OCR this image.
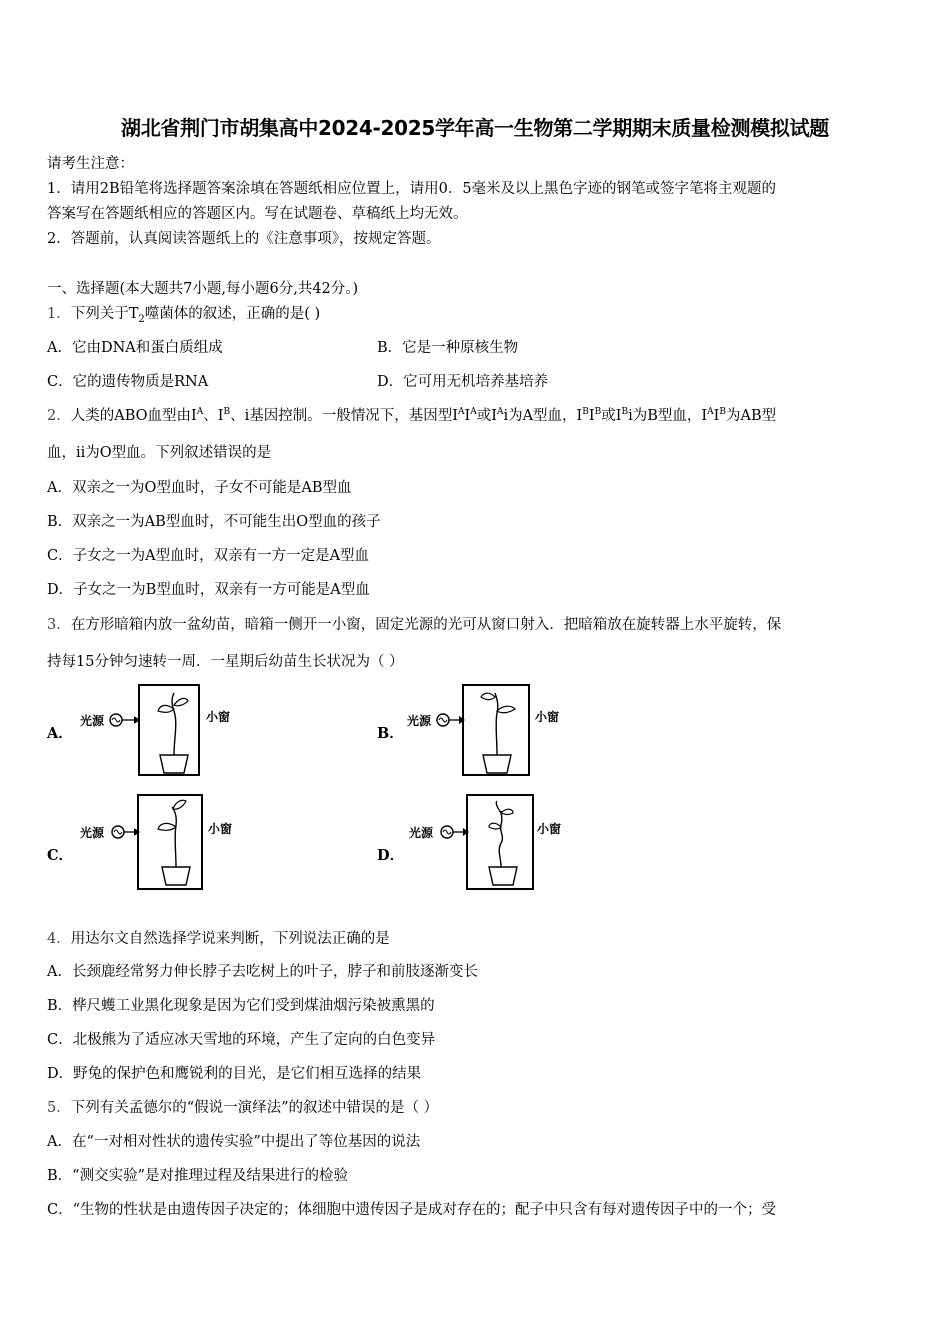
湖北省荆门市胡集高中2024-2025学年高一生物第二学期期末质量检测模拟试题
请考生注意：
1．请用2B铅笔将选择题答案涂填在答题纸相应位置上，请用0．5毫米及以上黑色字迹的钢笔或签字笔将主观题的
答案写在答题纸相应的答题区内。写在试题卷、草稿纸上均无效。
2．答题前，认真阅读答题纸上的《注意事项》，按规定答题。
一、选择题(本大题共7小题,每小题6分,共42分。)
1．下列关于$T_2$噬菌体的叙述，正确的是( )
A．它由DNA和蛋白质组成	B．它是一种原核生物
C．它的遗传物质是RNA	D．它可用无机培养基培养
2．人类的ABO血型由$I^A$、$I^B$、i基因控制。一般情况下，基因型$I^AI^A$或$I^Ai$为A型血，$I^BI^B$或$I^Bi$为B型血，$I^AI^B$为AB型
血，ii为O型血。下列叙述错误的是
A．双亲之一为O型血时，子女不可能是AB型血
B．双亲之一为AB型血时，不可能生出O型血的孩子
C．子女之一为A型血时，双亲有一方一定是A型血
D．子女之一为B型血时，双亲有一方可能是A型血
3．在方形暗箱内放一盆幼苗，暗箱一侧开一小窗，固定光源的光可从窗口射入．把暗箱放在旋转器上水平旋转，保
持每15分钟匀速转一周．一星期后幼苗生长状况为（ ）
A．
光源	小窗
B．
光源	小窗
C．
光源	小窗
D．
光源	小窗
4．用达尔文自然选择学说来判断，下列说法正确的是
A．长颈鹿经常努力伸长脖子去吃树上的叶子，脖子和前肢逐渐变长
B．桦尺蠖工业黑化现象是因为它们受到煤油烟污染被熏黑的
C．北极熊为了适应冰天雪地的环境，产生了定向的白色变异
D．野兔的保护色和鹰锐利的目光，是它们相互选择的结果
5．下列有关孟德尔的“假说一演绎法”的叙述中错误的是（ ）
A．在“一对相对性状的遗传实验”中提出了等位基因的说法
B．“测交实验”是对推理过程及结果进行的检验
C．“生物的性状是由遗传因子决定的；体细胞中遗传因子是成对存在的；配子中只含有每对遗传因子中的一个；受
